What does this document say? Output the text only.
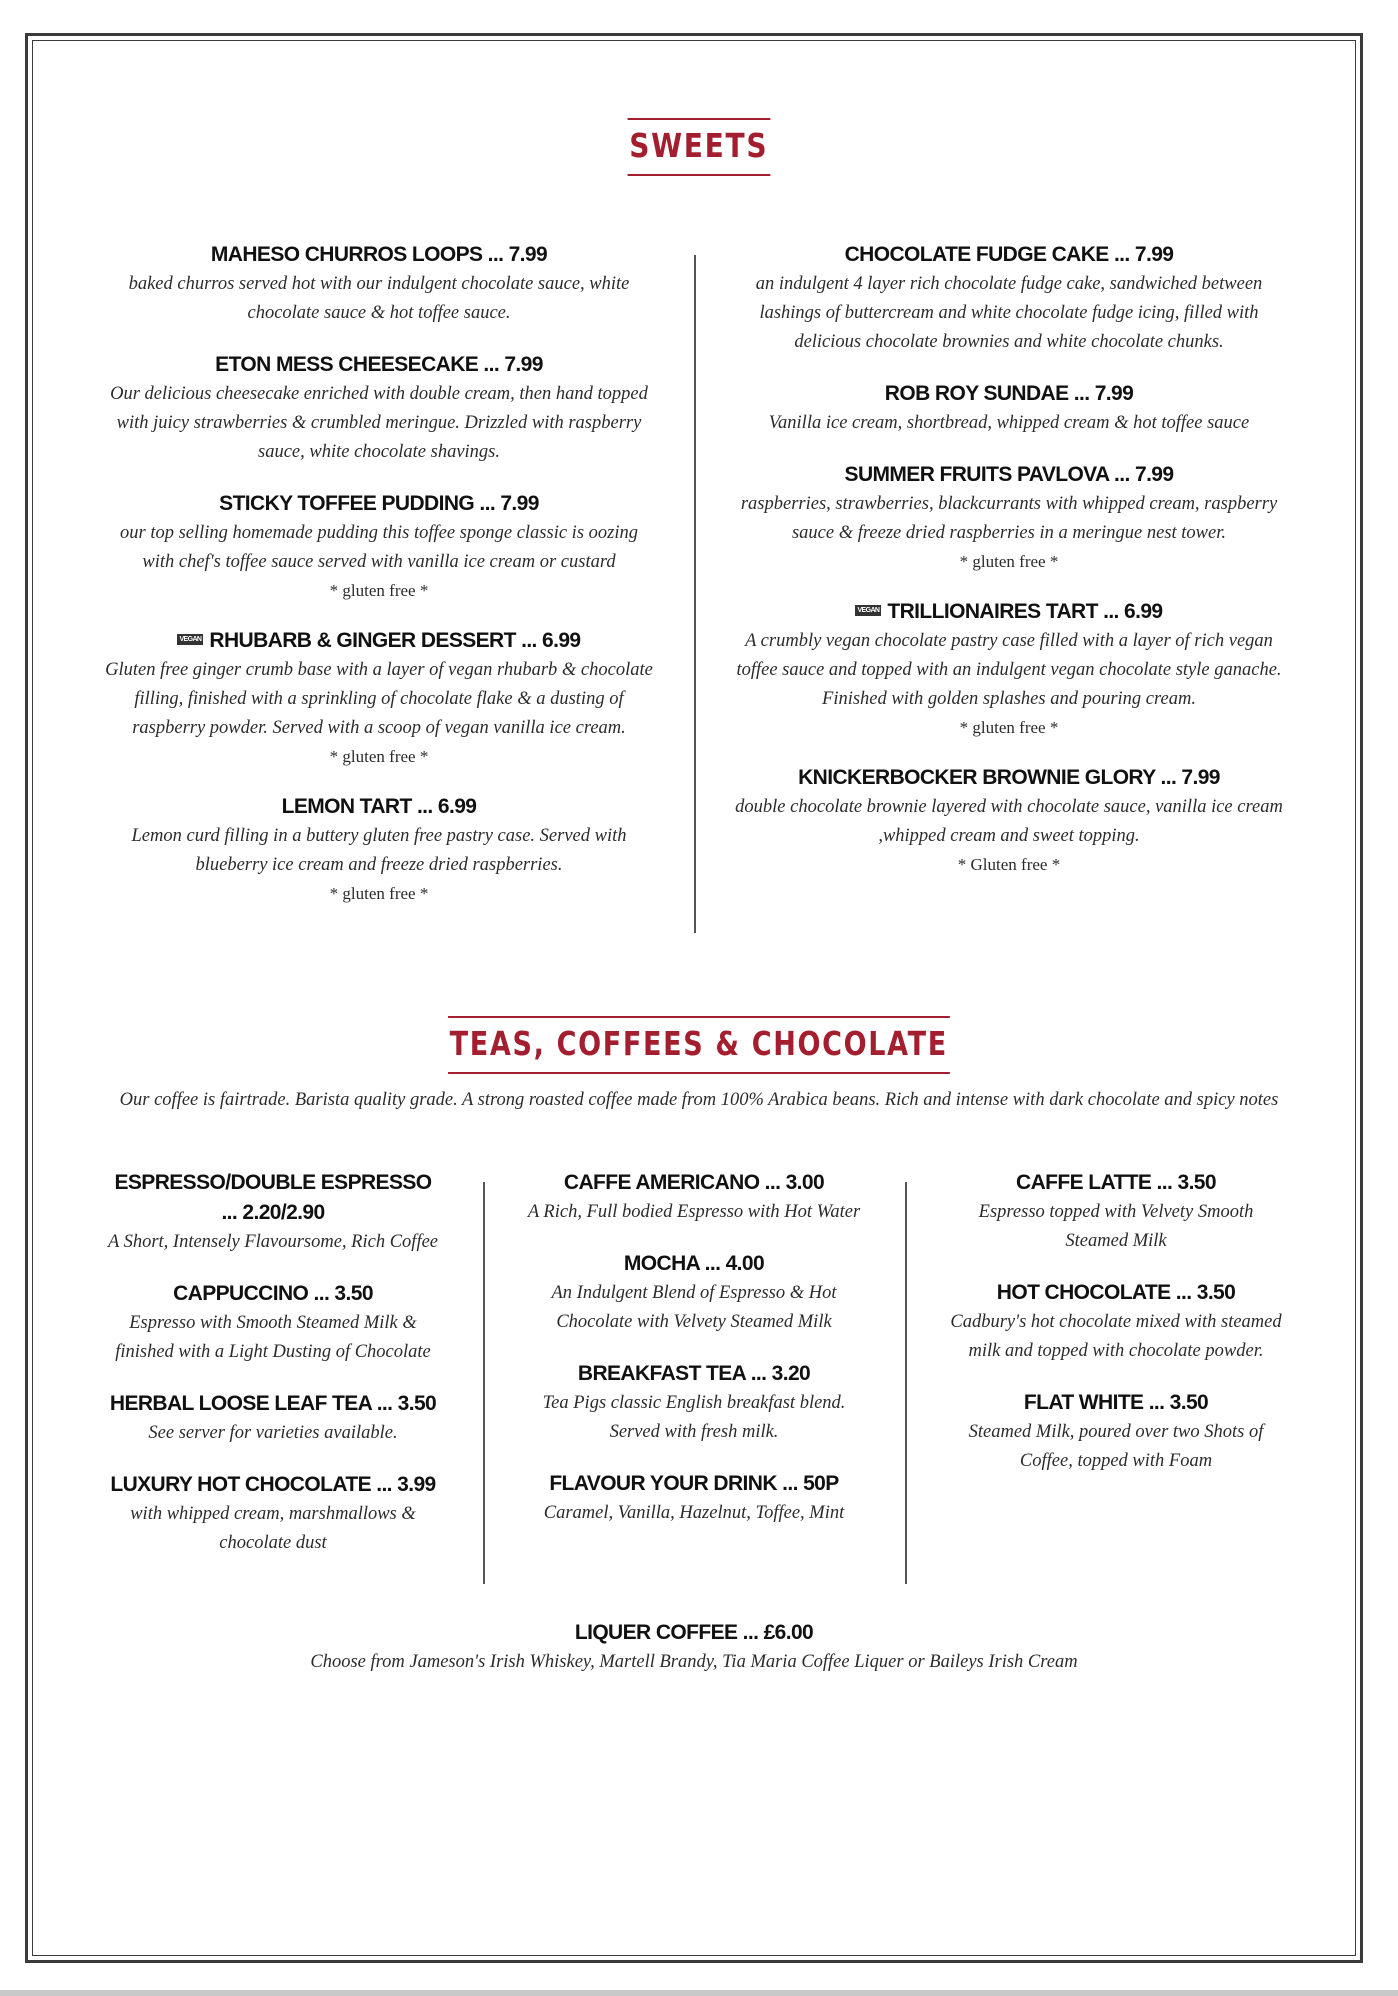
SWEETS
MAHESO CHURROS LOOPS ... 7.99

baked churros served hot with our indulgent chocolate sauce, white chocolate sauce & hot toffee sauce.

ETON MESS CHEESECAKE ... 7.99

Our delicious cheesecake enriched with double cream, then hand topped with juicy strawberries & crumbled meringue. Drizzled with raspberry sauce, white chocolate shavings.

STICKY TOFFEE PUDDING ... 7.99

our top selling homemade pudding this toffee sponge classic is oozing with chef's toffee sauce served with vanilla ice cream or custard

* gluten free *
VEGAN RHUBARB & GINGER DESSERT ... 6.99

Gluten free ginger crumb base with a layer of vegan rhubarb & chocolate filling, finished with a sprinkling of chocolate flake & a dusting of raspberry powder. Served with a scoop of vegan vanilla ice cream.

* gluten free *
LEMON TART ... 6.99

Lemon curd filling in a buttery gluten free pastry case. Served with blueberry ice cream and freeze dried raspberries.

* gluten free *
CHOCOLATE FUDGE CAKE ... 7.99

an indulgent 4 layer rich chocolate fudge cake, sandwiched between lashings of buttercream and white chocolate fudge icing, filled with delicious chocolate brownies and white chocolate chunks.

ROB ROY SUNDAE ... 7.99

Vanilla ice cream, shortbread, whipped cream & hot toffee sauce

SUMMER FRUITS PAVLOVA ... 7.99

raspberries, strawberries, blackcurrants with whipped cream, raspberry sauce & freeze dried raspberries in a meringue nest tower.

* gluten free *
VEGAN TRILLIONAIRES TART ... 6.99

A crumbly vegan chocolate pastry case filled with a layer of rich vegan toffee sauce and topped with an indulgent vegan chocolate style ganache. Finished with golden splashes and pouring cream.

* gluten free *
KNICKERBOCKER BROWNIE GLORY ... 7.99

double chocolate brownie layered with chocolate sauce, vanilla ice cream ,whipped cream and sweet topping.

* Gluten free *
TEAS, COFFEES & CHOCOLATE
Our coffee is fairtrade. Barista quality grade. A strong roasted coffee made from 100% Arabica beans. Rich and intense with dark chocolate and spicy notes
ESPRESSO/DOUBLE ESPRESSO ... 2.20/2.90

A Short, Intensely Flavoursome, Rich Coffee

CAPPUCCINO ... 3.50

Espresso with Smooth Steamed Milk & finished with a Light Dusting of Chocolate

HERBAL LOOSE LEAF TEA ... 3.50

See server for varieties available.

LUXURY HOT CHOCOLATE ... 3.99

with whipped cream, marshmallows & chocolate dust

CAFFE AMERICANO ... 3.00

A Rich, Full bodied Espresso with Hot Water

MOCHA ... 4.00

An Indulgent Blend of Espresso & Hot Chocolate with Velvety Steamed Milk

BREAKFAST TEA ... 3.20

Tea Pigs classic English breakfast blend. Served with fresh milk.

FLAVOUR YOUR DRINK ... 50P

Caramel, Vanilla, Hazelnut, Toffee, Mint

CAFFE LATTE ... 3.50

Espresso topped with Velvety Smooth Steamed Milk

HOT CHOCOLATE ... 3.50

Cadbury's hot chocolate mixed with steamed milk and topped with chocolate powder.

FLAT WHITE ... 3.50

Steamed Milk, poured over two Shots of Coffee, topped with Foam

LIQUER COFFEE ... £6.00

Choose from Jameson's Irish Whiskey, Martell Brandy, Tia Maria Coffee Liquer or Baileys Irish Cream
